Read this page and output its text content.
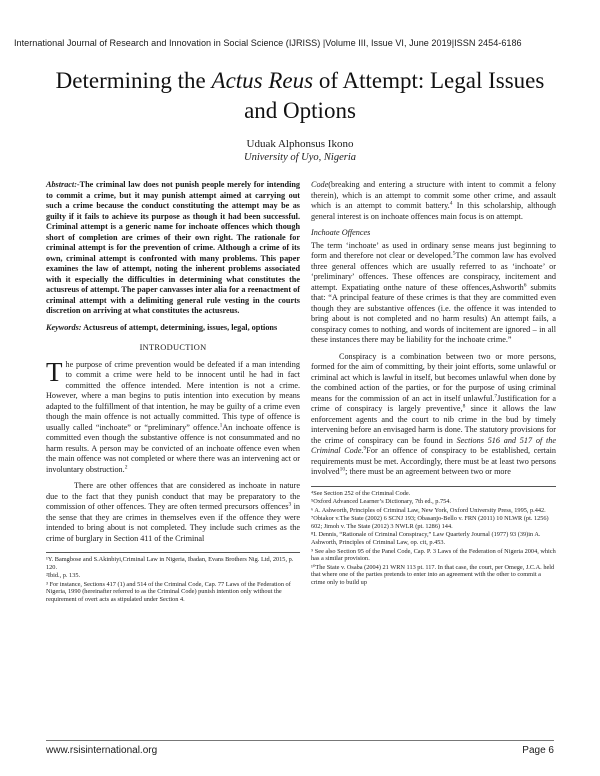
International Journal of Research and Innovation in Social Science (IJRISS) |Volume III, Issue VI, June 2019|ISSN 2454-6186
Determining the Actus Reus of Attempt: Legal Issues and Options
Uduak Alphonsus Ikono
University of Uyo, Nigeria

Abstract:-The criminal law does not punish people merely for intending to commit a crime, but it may punish attempt aimed at carrying out such a crime because the conduct constituting the attempt may be as guilty if it fails to achieve its purpose as though it had been successful. Criminal attempt is a generic name for inchoate offences which though short of completion are crimes of their own right. The rationale for criminal attempt is for the prevention of crime. Although a crime of its own, criminal attempt is confronted with many problems. This paper examines the law of attempt, noting the inherent problems associated with it especially the difficulties in determining what constitutes the actusreus of attempt. The paper canvasses inter alia for a reenactment of criminal attempt with a delimiting general rule vesting in the courts discretion on arriving at what constitutes the actusreus.

Keywords: Actusreus of attempt, determining, issues, legal, options

INTRODUCTION

The purpose of crime prevention would be defeated if a man intending to commit a crime were held to be innocent until he had in fact committed the offence intended. Mere intention is not a crime. However, where a man begins to putis intention into execution by means adapted to the fulfillment of that intention, he may be guilty of a crime even though the main offence is not actually committed. This type of offence is usually called “inchoate” or “preliminary” offence.$^1$An inchoate offence is committed even though the substantive offence is not consummated and no harm results. A person may be convicted of an inchoate offence even when the main offence was not completed or where there was an intervening act or involuntary obstruction.$^2$

There are other offences that are considered as inchoate in nature due to the fact that they punish conduct that may be preparatory to the commission of other offences. They are often termed precursors offences$^3$ in the sense that they are crimes in themselves even if the offence they were intended to bring about is not completed. They include such crimes as the crime of burglary in Section 411 of the Criminal

¹Y. Bamgbose and S.Akinbiyi,Criminal Law in Nigeria, Ibadan, Evans Brothers Nig. Ltd, 2015, p. 120.

²Ibid., p. 135.

³ For instance, Sections 417 (1) and 514 of the Criminal Code, Cap. 77 Laws of the Federation of Nigeria, 1990 (hereinafter referred to as the Criminal Code) punish intention only without the requirement of overt acts as stipulated under Section 4.

Code(breaking and entering a structure with intent to commit a felony therein), which is an attempt to commit some other crime, and assault which is an attempt to commit battery.$^4$ In this scholarship, although general interest is on inchoate offences main focus is on attempt.

Inchoate Offences

The term ‘inchoate’ as used in ordinary sense means just beginning to form and therefore not clear or developed.$^5$The common law has evolved three general offences which are usually referred to as ‘inchoate’ or ‘preliminary’ offences. These offences are conspiracy, incitement and attempt. Expatiating onthe nature of these offences,Ashworth$^6$ submits that: “A principal feature of these crimes is that they are committed even though they are substantive offences (i.e. the offence it was intended to bring about is not completed and no harm results) An attempt fails, a conspiracy comes to nothing, and words of incitement are ignored – in all these instances there may be liability for the inchoate crime.”

Conspiracy is a combination between two or more persons, formed for the aim of committing, by their joint efforts, some unlawful or criminal act which is lawful in itself, but becomes unlawful when done by the combined action of the parties, or for the purpose of using criminal means for the commission of an act in itself unlawful.$^7$Justification for a crime of conspiracy is largely preventive,$^8$ since it allows the law enforcement agents and the court to nib crime in the bud by timely intervening before an envisaged harm is done. The statutory provisions for the crime of conspiracy can be found in Sections 516 and 517 of the Criminal Code.$^9$For an offence of conspiracy to be established, certain requirements must be met. Accordingly, there must be at least two persons involved$^{10}$; there must be an agreement between two or more

⁴See Section 252 of the Criminal Code.

⁵Oxford Advanced Learner’s Dictionary, 7th ed., p.754.

⁶ A. Ashworth, Principles of Criminal Law, New York, Oxford University Press, 1995, p.442.

⁷Obiakor v.The State (2002) 6 SCNJ 193; Obasanjo-Bello v. FRN (2011) 10 NLWR (pt. 1256) 602; Jimoh v. The State (2012) 3 NWLR (pt. 1286) 144.

⁸I. Dennis, “Rationale of Criminal Conspiracy,” Law Quarterly Journal (1977) 93 (39)in A. Ashworth, Principles of Criminal Law, op. cit, p.453.

⁹ See also Section 95 of the Panel Code, Cap. P. 3 Laws of the Federation of Nigeria 2004, which has a similar provision.

¹⁰The State v. Osaba (2004) 21 WRN 113 pt. 117. In that case, the court, per Omege, J.C.A. held that where one of the parties pretends to enter into an agreement with the other to commit a crime only to build up

www.rsisinternational.org	Page 6
